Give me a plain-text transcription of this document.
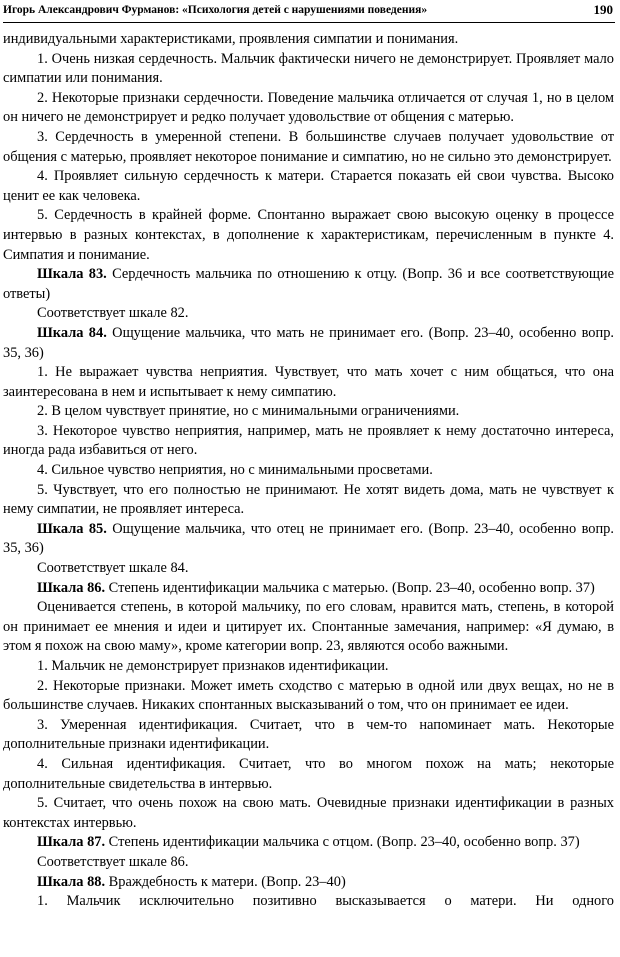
Игорь Александрович Фурманов: «Психология детей с нарушениями поведения»	190

индивидуальными характеристиками, проявления симпатии и понимания.

1. Очень низкая сердечность. Мальчик фактически ничего не демонстрирует. Проявляет мало симпатии или понимания.

2. Некоторые признаки сердечности. Поведение мальчика отличается от случая 1, но в целом он ничего не демонстрирует и редко получает удовольствие от общения с матерью.

3. Сердечность в умеренной степени. В большинстве случаев получает удовольствие от общения с матерью, проявляет некоторое понимание и симпатию, но не сильно это демонстрирует.

4. Проявляет сильную сердечность к матери. Старается показать ей свои чувства. Высоко ценит ее как человека.

5. Сердечность в крайней форме. Спонтанно выражает свою высокую оценку в процессе интервью в разных контекстах, в дополнение к характеристикам, перечисленным в пункте 4. Симпатия и понимание.

Шкала 83. Сердечность мальчика по отношению к отцу. (Вопр. 36 и все соответствующие ответы)

Соответствует шкале 82.

Шкала 84. Ощущение мальчика, что мать не принимает его. (Вопр. 23–40, особенно вопр. 35, 36)

1. Не выражает чувства неприятия. Чувствует, что мать хочет с ним общаться, что она заинтересована в нем и испытывает к нему симпатию.

2. В целом чувствует принятие, но с минимальными ограничениями.

3. Некоторое чувство неприятия, например, мать не проявляет к нему достаточно интереса, иногда рада избавиться от него.

4. Сильное чувство неприятия, но с минимальными просветами.

5. Чувствует, что его полностью не принимают. Не хотят видеть дома, мать не чувствует к нему симпатии, не проявляет интереса.

Шкала 85. Ощущение мальчика, что отец не принимает его. (Вопр. 23–40, особенно вопр. 35, 36)

Соответствует шкале 84.

Шкала 86. Степень идентификации мальчика с матерью. (Вопр. 23–40, особенно вопр. 37)

Оценивается степень, в которой мальчику, по его словам, нравится мать, степень, в которой он принимает ее мнения и идеи и цитирует их. Спонтанные замечания, например: «Я думаю, в этом я похож на свою маму», кроме категории вопр. 23, являются особо важными.

1. Мальчик не демонстрирует признаков идентификации.

2. Некоторые признаки. Может иметь сходство с матерью в одной или двух вещах, но не в большинстве случаев. Никаких спонтанных высказываний о том, что он принимает ее идеи.

3. Умеренная идентификация. Считает, что в чем-то напоминает мать. Некоторые дополнительные признаки идентификации.

4. Сильная идентификация. Считает, что во многом похож на мать; некоторые дополнительные свидетельства в интервью.

5. Считает, что очень похож на свою мать. Очевидные признаки идентификации в разных контекстах интервью.

Шкала 87. Степень идентификации мальчика с отцом. (Вопр. 23–40, особенно вопр. 37)

Соответствует шкале 86.

Шкала 88. Враждебность к матери. (Вопр. 23–40)

1. Мальчик исключительно позитивно высказывается о матери. Ни одного
